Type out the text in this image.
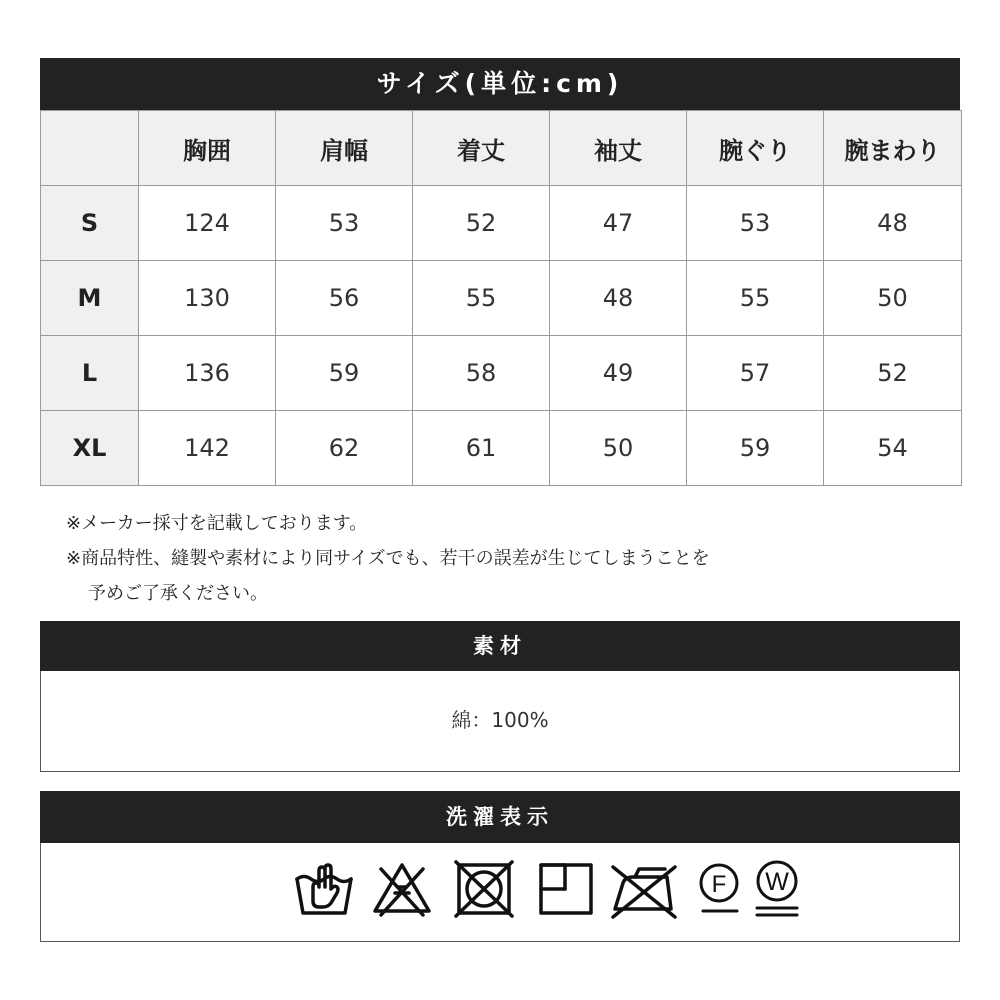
サイズ(単位:cm)
	胸囲	肩幅	着丈	袖丈	腕ぐり	腕まわり
S	124	53	52	47	53	48
M	130	56	55	48	55	50
L	136	59	58	49	57	52
XL	142	62	61	50	59	54
※メーカー採寸を記載しております。
※商品特性、縫製や素材により同サイズでも、若干の誤差が生じてしまうことを
予めご了承ください。
素材
綿：100%
洗濯表示
F W
